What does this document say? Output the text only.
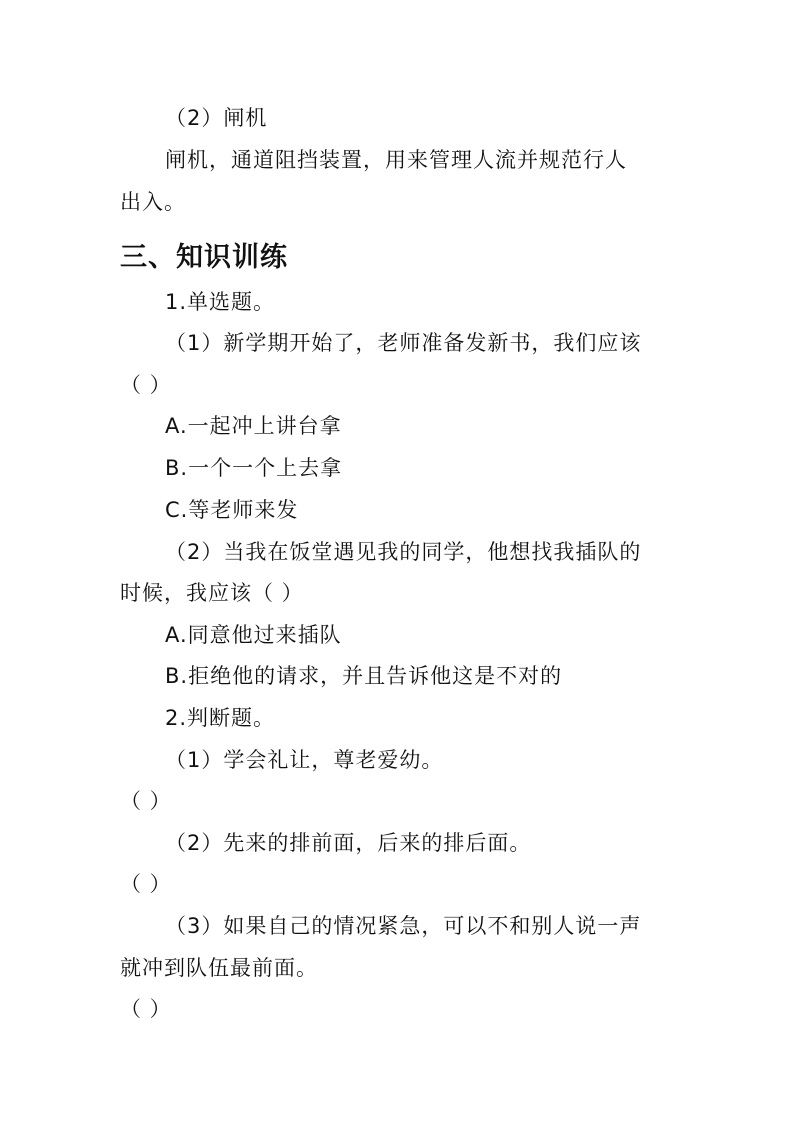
（2）闸机
闸机，通道阻挡装置，用来管理人流并规范行人
出入。
三、知识训练
1.单选题。
（1）新学期开始了，老师准备发新书，我们应该
（ ）
A.一起冲上讲台拿
B.一个一个上去拿
C.等老师来发
（2）当我在饭堂遇见我的同学，他想找我插队的
时候，我应该（ ）
A.同意他过来插队
B.拒绝他的请求，并且告诉他这是不对的
2.判断题。
（1）学会礼让，尊老爱幼。
（ ）
（2）先来的排前面，后来的排后面。
（ ）
（3）如果自己的情况紧急，可以不和别人说一声
就冲到队伍最前面。
（ ）
